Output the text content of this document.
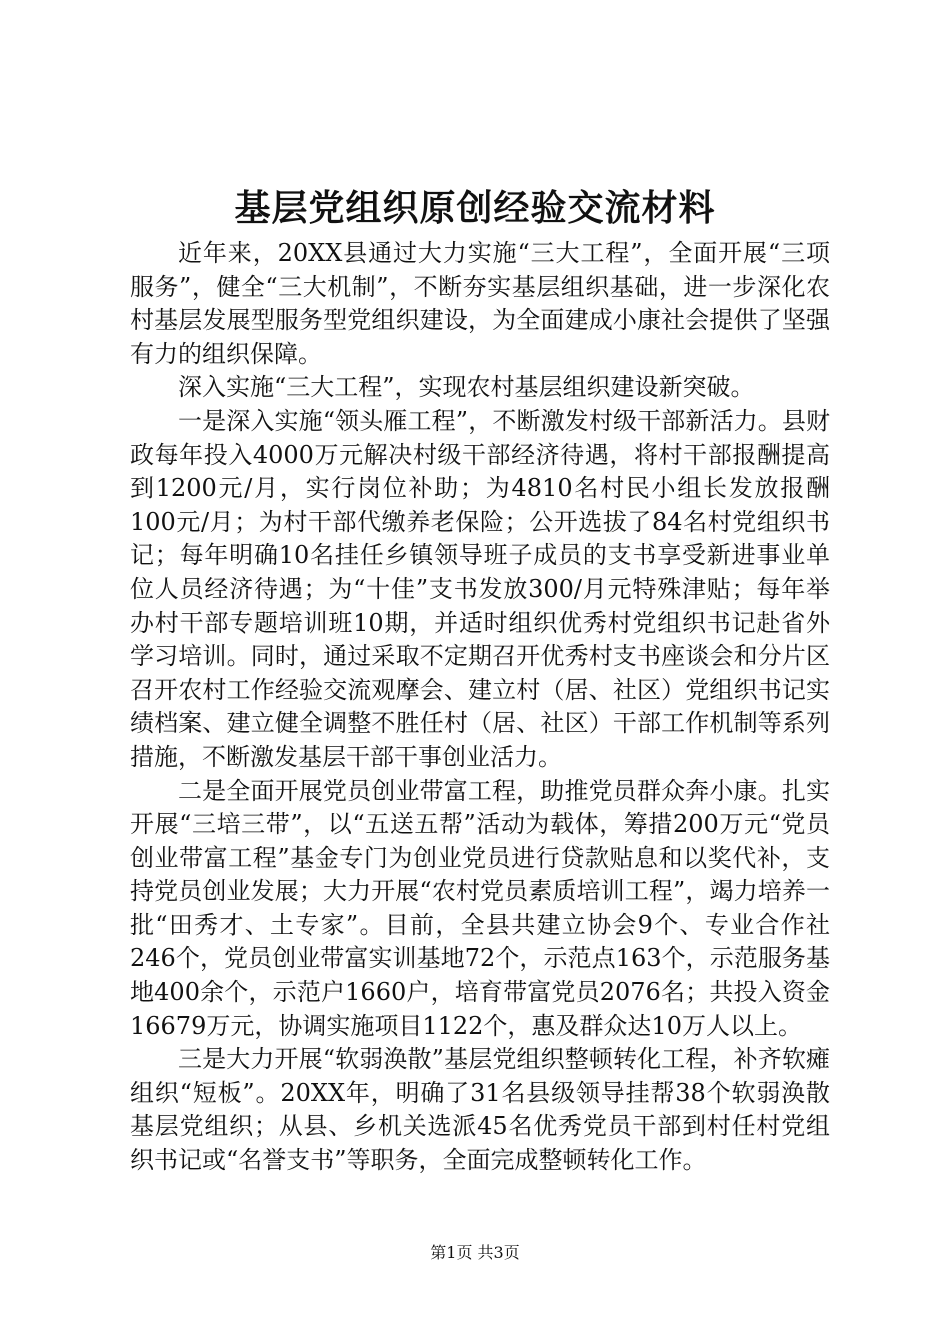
基层党组织原创经验交流材料

近年来，20XX县通过大力实施“三大工程”，全面开展“三项服务”，健全“三大机制”，不断夯实基层组织基础，进一步深化农村基层发展型服务型党组织建设，为全面建成小康社会提供了坚强有力的组织保障。

深入实施“三大工程”，实现农村基层组织建设新突破。

一是深入实施“领头雁工程”，不断激发村级干部新活力。县财政每年投入4000万元解决村级干部经济待遇，将村干部报酬提高到1200元/月，实行岗位补助；为4810名村民小组长发放报酬100元/月；为村干部代缴养老保险；公开选拔了84名村党组织书记；每年明确10名挂任乡镇领导班子成员的支书享受新进事业单位人员经济待遇；为“十佳”支书发放300/月元特殊津贴；每年举办村干部专题培训班10期，并适时组织优秀村党组织书记赴省外学习培训。同时，通过采取不定期召开优秀村支书座谈会和分片区召开农村工作经验交流观摩会、建立村（居、社区）党组织书记实绩档案、建立健全调整不胜任村（居、社区）干部工作机制等系列措施，不断激发基层干部干事创业活力。

二是全面开展党员创业带富工程，助推党员群众奔小康。扎实开展“三培三带”，以“五送五帮”活动为载体，筹措200万元“党员创业带富工程”基金专门为创业党员进行贷款贴息和以奖代补，支持党员创业发展；大力开展“农村党员素质培训工程”，竭力培养一批“田秀才、土专家”。目前，全县共建立协会9个、专业合作社246个，党员创业带富实训基地72个，示范点163个，示范服务基地400余个，示范户1660户，培育带富党员2076名；共投入资金16679万元，协调实施项目1122个，惠及群众达10万人以上。

三是大力开展“软弱涣散”基层党组织整顿转化工程，补齐软瘫组织“短板”。20XX年，明确了31名县级领导挂帮38个软弱涣散基层党组织；从县、乡机关选派45名优秀党员干部到村任村党组织书记或“名誉支书”等职务，全面完成整顿转化工作。

第1页 共3页
